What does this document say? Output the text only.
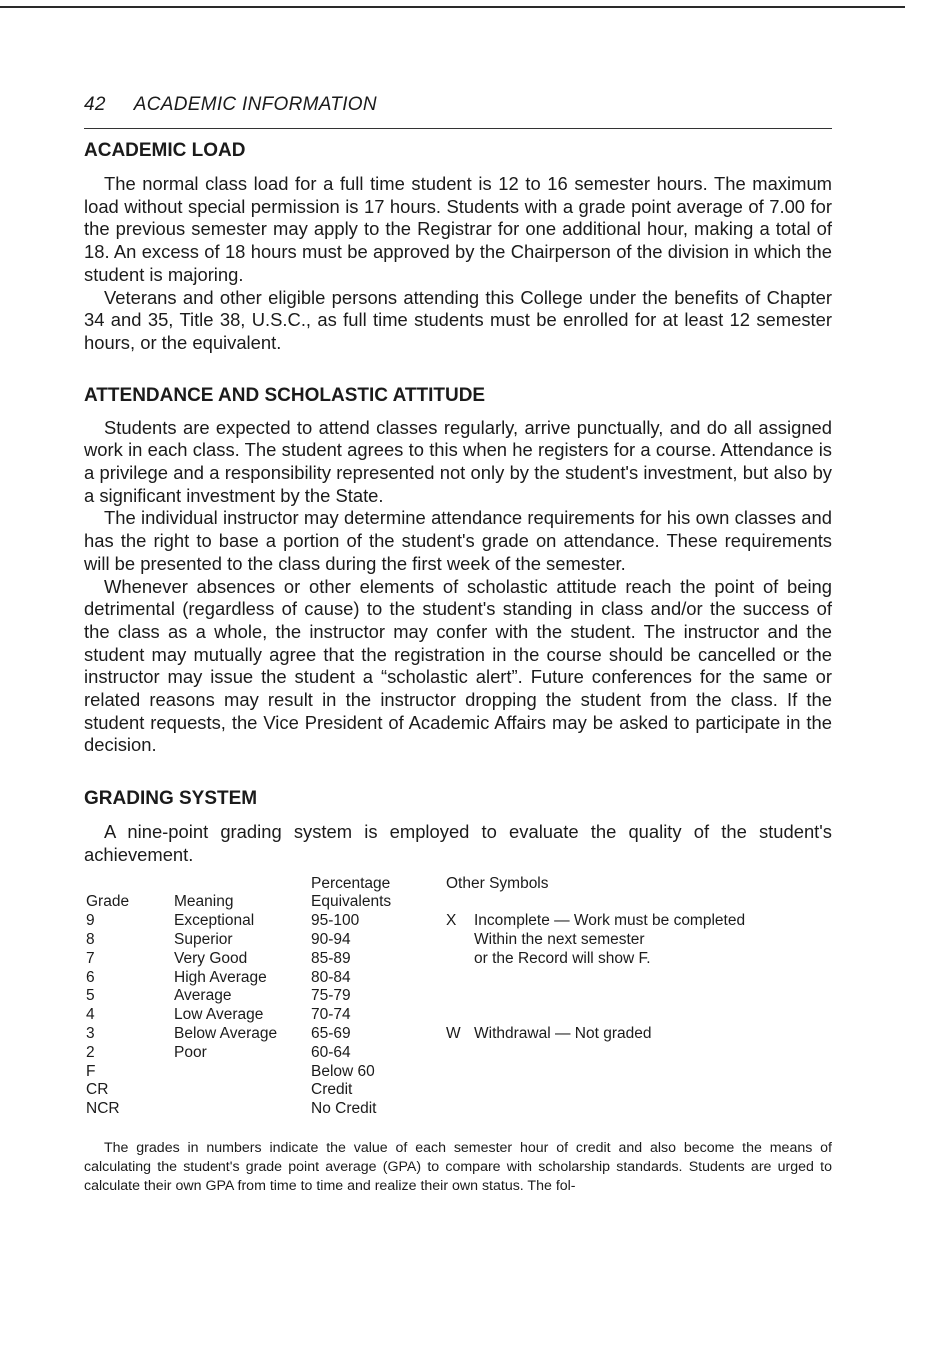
42 ACADEMIC INFORMATION
ACADEMIC LOAD

The normal class load for a full time student is 12 to 16 semester hours. The maximum load without special permission is 17 hours. Students with a grade point average of 7.00 for the previous semester may apply to the Registrar for one additional hour, making a total of 18. An excess of 18 hours must be approved by the Chairperson of the division in which the student is majoring.

Veterans and other eligible persons attending this College under the benefits of Chapter 34 and 35, Title 38, U.S.C., as full time students must be enrolled for at least 12 semester hours, or the equivalent.

ATTENDANCE AND SCHOLASTIC ATTITUDE

Students are expected to attend classes regularly, arrive punctually, and do all assigned work in each class. The student agrees to this when he registers for a course. Attendance is a privilege and a responsibility represented not only by the student's investment, but also by a significant investment by the State.

The individual instructor may determine attendance requirements for his own classes and has the right to base a portion of the student's grade on attendance. These requirements will be presented to the class during the first week of the semester.

Whenever absences or other elements of scholastic attitude reach the point of being detrimental (regardless of cause) to the student's standing in class and/or the success of the class as a whole, the instructor may confer with the student. The instructor and the student may mutually agree that the registration in the course should be cancelled or the instructor may issue the student a “scholastic alert”. Future conferences for the same or related reasons may result in the instructor dropping the student from the class. If the student requests, the Vice President of Academic Affairs may be asked to participate in the decision.

GRADING SYSTEM

A nine-point grading system is employed to evaluate the quality of the student's achievement.

Grade
9
8
7
6
5
4
3
2
F
CR
NCR

Meaning
Exceptional
Superior
Very Good
High Average
Average
Low Average
Below Average
Poor
Percentage
Equivalents
95-100
90-94
85-89
80-84
75-79
70-74
65-69
60-64
Below 60
Credit
No Credit
Other Symbols

X	Incomplete — Work must be completed
Within the next semester
or the Record will show F.
W Withdrawal — Not graded

The grades in numbers indicate the value of each semester hour of credit and also become the means of calculating the student's grade point average (GPA) to compare with scholarship standards. Students are urged to calculate their own GPA from time to time and realize their own status. The fol-
